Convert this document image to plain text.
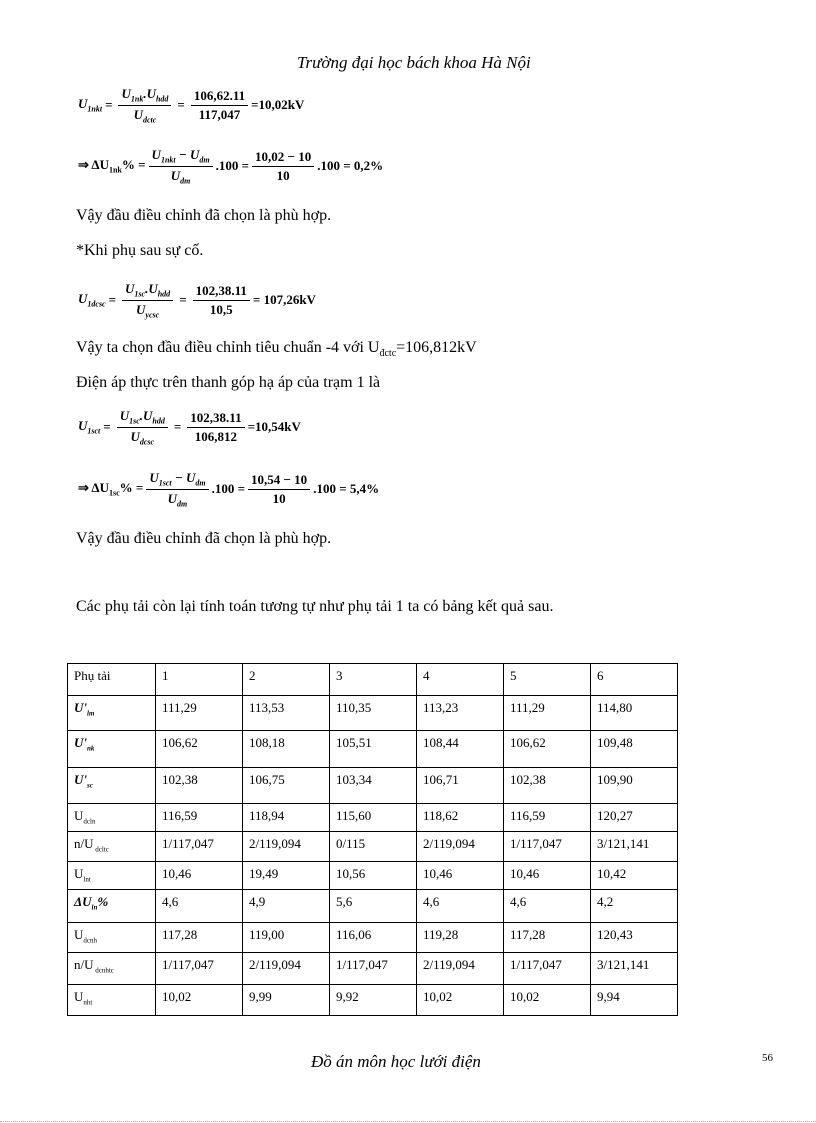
Trường đại học bách khoa Hà Nội
$U_{1nkt} = \frac{U_{1nk}.U_{hdd}}{U_{dctc}} = \frac{106,62.11}{117,047} =10,02kV$
⇒ $\Delta U_{1nk}\% = \frac{U_{1nkt} - U_{dm}}{U_{dm}} .100 = \frac{10,02 - 10}{10} .100 = 0,2\%$
Vậy đầu điều chỉnh đã chọn là phù hợp.
*Khi phụ sau sự cố.
$U_{1dcsc} = \frac{U_{1sc}.U_{hdd}}{U_{ycsc}} = \frac{102,38.11}{10,5} = 107,26kV$
Vậy ta chọn đầu điều chỉnh tiêu chuẩn -4 với $U_{đctc}=106,812kV$
Điện áp thực trên thanh góp hạ áp của trạm 1 là
$U_{1sct} = \frac{U_{1sc}.U_{hdd}}{U_{dcsc}} = \frac{102,38.11}{106,812} =10,54kV$
⇒ $\Delta U_{1sc}\% = \frac{U_{1sct} - U_{dm}}{U_{dm}} .100 = \frac{10,54 - 10}{10} .100 = 5,4\%$
Vậy đầu điều chỉnh đã chọn là phù hợp.
Các phụ tải còn lại tính toán tương tự như phụ tải 1 ta có bảng kết quả sau.
Phụ tải	1	2	3	4	5	6
$U'_{lm}$	111,29	113,53	110,35	113,23	111,29	114,80
$U'_{nk}$	106,62	108,18	105,51	108,44	106,62	109,48
$U'_{sc}$	102,38	106,75	103,34	106,71	102,38	109,90
$U_{dcln}$	116,59	118,94	115,60	118,62	116,59	120,27
n/U $_{dcltc}$	1/117,047	2/119,094	0/115	2/119,094	1/117,047	3/121,141
$U_{lnt}$	10,46	19,49	10,56	10,46	10,46	10,42
$\Delta U_{ln}\%$	4,6	4,9	5,6	4,6	4,6	4,2
$U_{dcnh}$	117,28	119,00	116,06	119,28	117,28	120,43
n/U $_{dcnhtc}$	1/117,047	2/119,094	1/117,047	2/119,094	1/117,047	3/121,141
$U_{nht}$	10,02	9,99	9,92	10,02	10,02	9,94
Đồ án môn học lưới điện	56
